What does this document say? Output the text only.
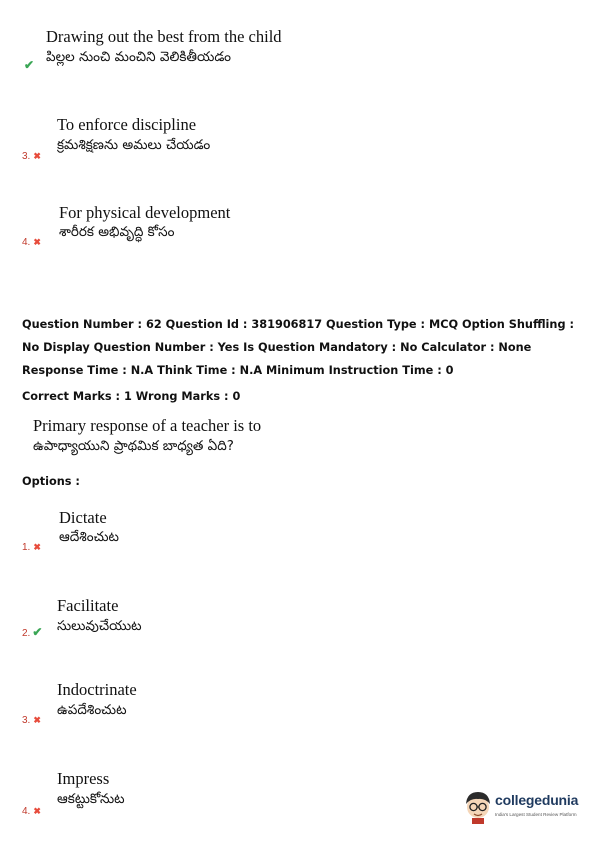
Drawing out the best from the child
పిల్లల నుంచి మంచిని వెలికితీయడం
✔
To enforce discipline
క్రమశిక్షణను అమలు చేయడం
3. ✖
For physical development
శారీరక అభివృద్ధి కోసం
4. ✖
Question Number : 62 Question Id : 381906817 Question Type : MCQ Option Shuffling : No Display Question Number : Yes Is Question Mandatory : No Calculator : None Response Time : N.A Think Time : N.A Minimum Instruction Time : 0
Correct Marks : 1 Wrong Marks : 0
Primary response of a teacher is to
ఉపాధ్యాయుని ప్రాథమిక బాధ్యత ఏది?
Options :
Dictate
ఆదేశించుట
1. ✖
Facilitate
సులువుచేయుట
2. ✔
Indoctrinate
ఉపదేశించుట
3. ✖
Impress
ఆకట్టుకోనుట
4. ✖
collegedunia
India's Largest Student Review Platform
